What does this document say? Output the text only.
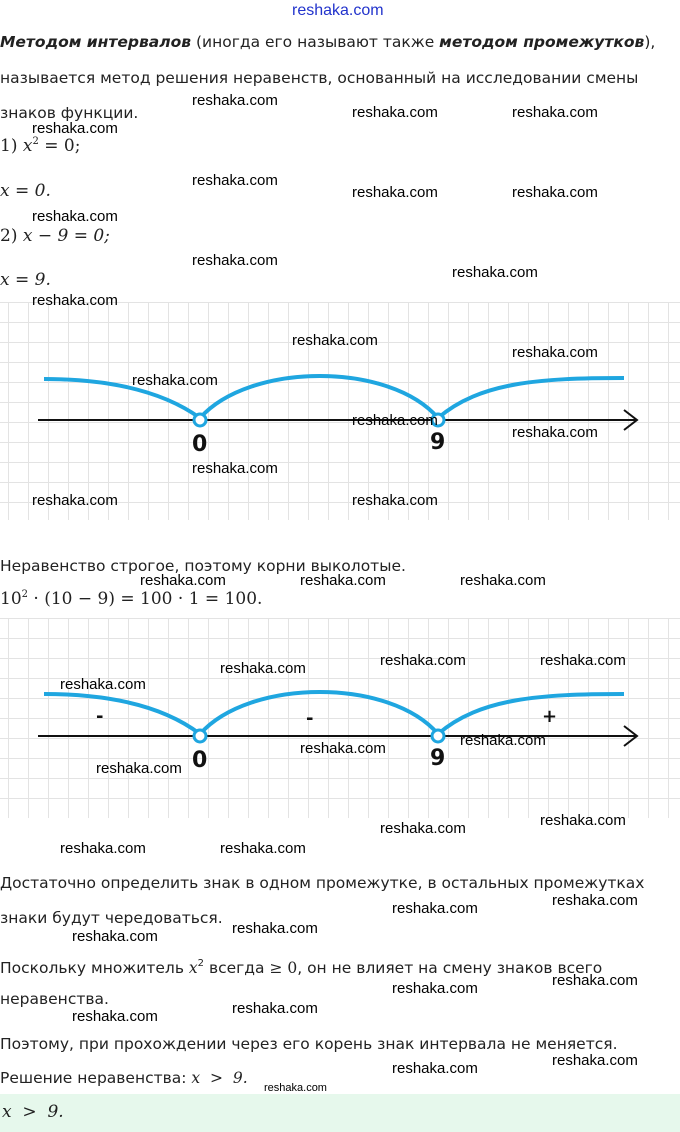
reshaka.com
Методом интервалов (иногда его называют также методом промежутков),
называется метод решения неравенств, основанный на исследовании смены
знаков функции.
1) $x^2 = 0$;
x = 0.
2) x − 9 = 0;
x = 9.
0	9
Неравенство строгое, поэтому корни выколотые.
$10^2 \cdot (10 - 9) = 100 \cdot 1 = 100$.
-	-	+
0	9
Достаточно определить знак в одном промежутке, в остальных промежутках
знаки будут чередоваться.
Поскольку множитель $x^2$ всегда ≥ 0, он не влияет на смену знаков всего
неравенства.
Поэтому, при прохождении через его корень знак интервала не меняется.
Решение неравенства: x  >  9.
x  >  9.
reshaka.com
reshaka.com	reshaka.com
reshaka.com
reshaka.com
reshaka.com	reshaka.com
reshaka.com
reshaka.com
reshaka.com
reshaka.com
reshaka.com
reshaka.com
reshaka.com
reshaka.com
reshaka.com
reshaka.com
reshaka.com	reshaka.com
reshaka.com	reshaka.com	reshaka.com
reshaka.com	reshaka.com	reshaka.com
reshaka.com
reshaka.com	reshaka.com
reshaka.com
reshaka.com
reshaka.com
reshaka.com	reshaka.com
reshaka.com
reshaka.com
reshaka.com
reshaka.com
reshaka.com
reshaka.com
reshaka.com
reshaka.com
reshaka.com
reshaka.com
reshaka.com
